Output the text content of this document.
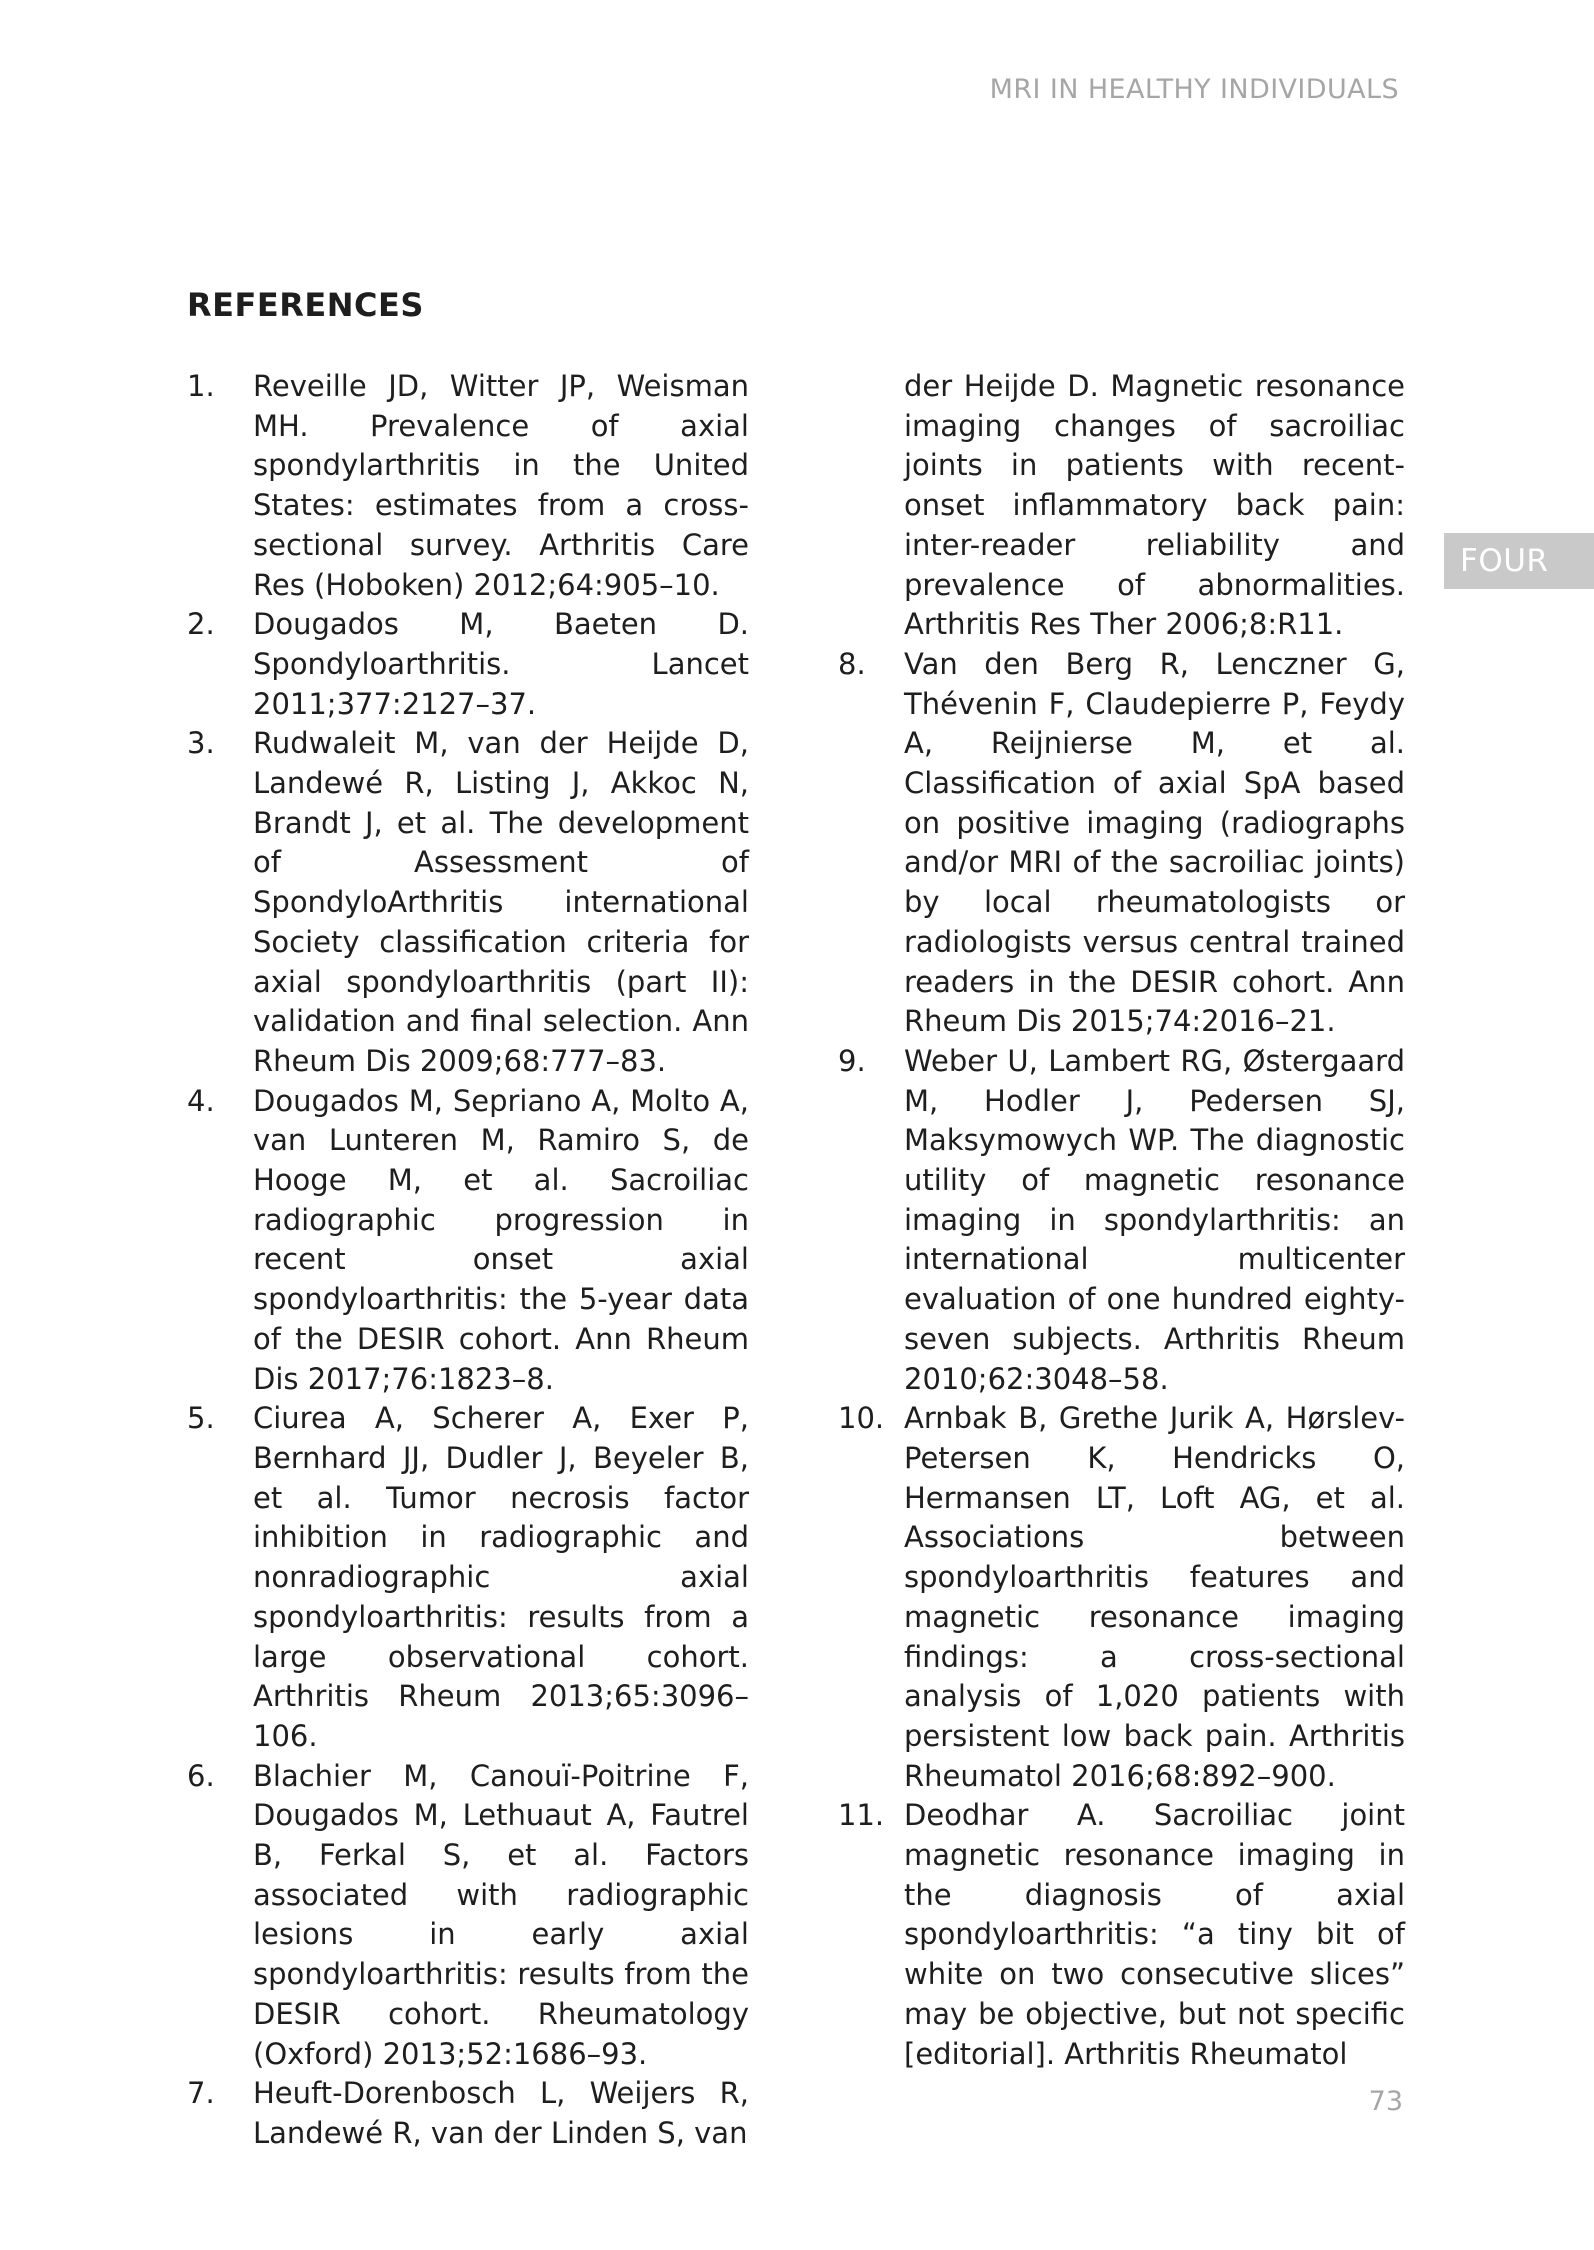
MRI IN HEALTHY INDIVIDUALS
REFERENCES
1. Reveille JD, Witter JP, Weisman MH. Prevalence of axial spondylarthritis in the United States: estimates from a cross-sectional survey. Arthritis Care Res (Hoboken) 2012;64:905–10.
2. Dougados M, Baeten D. Spondyloarthritis. Lancet 2011;377:2127–37.
3. Rudwaleit M, van der Heijde D, Landewé R, Listing J, Akkoc N, Brandt J, et al. The development of Assessment of SpondyloArthritis international Society classification criteria for axial spondyloarthritis (part II): validation and final selection. Ann Rheum Dis 2009;68:777–83.
4. Dougados M, Sepriano A, Molto A, van Lunteren M, Ramiro S, de Hooge M, et al. Sacroiliac radiographic progression in recent onset axial spondyloarthritis: the 5-year data of the DESIR cohort. Ann Rheum Dis 2017;76:1823–8.
5. Ciurea A, Scherer A, Exer P, Bernhard JJ, Dudler J, Beyeler B, et al. Tumor necrosis factor inhibition in radiographic and nonradiographic axial spondyloarthritis: results from a large observational cohort. Arthritis Rheum 2013;65:3096–106.
6. Blachier M, Canouï-Poitrine F, Dougados M, Lethuaut A, Fautrel B, Ferkal S, et al. Factors associated with radiographic lesions in early axial spondyloarthritis: results from the DESIR cohort. Rheumatology (Oxford) 2013;52:1686–93.
7. Heuft-Dorenbosch L, Weijers R, Landewé R, van der Linden S, van
der Heijde D. Magnetic resonance imaging changes of sacroiliac joints in patients with recent-onset inflammatory back pain: inter-reader reliability and prevalence of abnormalities. Arthritis Res Ther 2006;8:R11.
8. Van den Berg R, Lenczner G, Thévenin F, Claudepierre P, Feydy A, Reijnierse M, et al. Classification of axial SpA based on positive imaging (radiographs and/or MRI of the sacroiliac joints) by local rheumatologists or radiologists versus central trained readers in the DESIR cohort. Ann Rheum Dis 2015;74:2016–21.
9. Weber U, Lambert RG, Østergaard M, Hodler J, Pedersen SJ, Maksymowych WP. The diagnostic utility of magnetic resonance imaging in spondylarthritis: an international multicenter evaluation of one hundred eighty-seven subjects. Arthritis Rheum 2010;62:3048–58.
10. Arnbak B, Grethe Jurik A, Hørslev-Petersen K, Hendricks O, Hermansen LT, Loft AG, et al. Associations between spondyloarthritis features and magnetic resonance imaging findings: a cross-sectional analysis of 1,020 patients with persistent low back pain. Arthritis Rheumatol 2016;68:892–900.
11. Deodhar A. Sacroiliac joint magnetic resonance imaging in the diagnosis of axial spondyloarthritis: “a tiny bit of white on two consecutive slices” may be objective, but not specific [editorial]. Arthritis Rheumatol
FOUR
73
